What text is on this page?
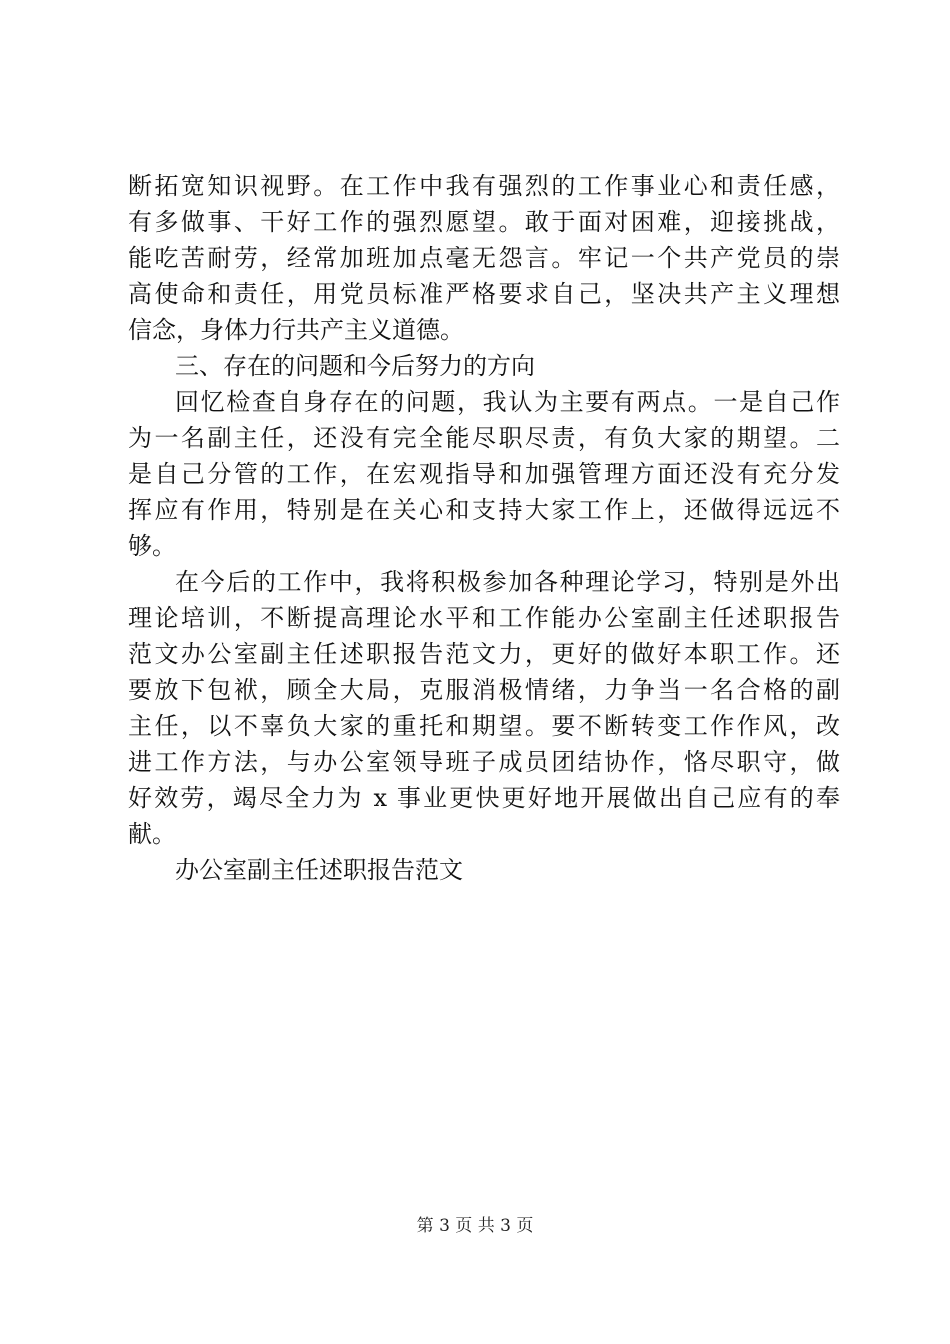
断拓宽知识视野。在工作中我有强烈的工作事业心和责任感，
有多做事、干好工作的强烈愿望。敢于面对困难，迎接挑战，
能吃苦耐劳，经常加班加点毫无怨言。牢记一个共产党员的崇
高使命和责任，用党员标准严格要求自己，坚决共产主义理想
信念，身体力行共产主义道德。
三、存在的问题和今后努力的方向
回忆检查自身存在的问题，我认为主要有两点。一是自己作
为一名副主任，还没有完全能尽职尽责，有负大家的期望。二
是自己分管的工作，在宏观指导和加强管理方面还没有充分发
挥应有作用，特别是在关心和支持大家工作上，还做得远远不
够。
在今后的工作中，我将积极参加各种理论学习，特别是外出
理论培训，不断提高理论水平和工作能办公室副主任述职报告
范文办公室副主任述职报告范文力，更好的做好本职工作。还
要放下包袱，顾全大局，克服消极情绪，力争当一名合格的副
主任，以不辜负大家的重托和期望。要不断转变工作作风，改
进工作方法，与办公室领导班子成员团结协作，恪尽职守，做
好效劳，竭尽全力为 x 事业更快更好地开展做出自己应有的奉
献。
办公室副主任述职报告范文
第 3 页 共 3 页
